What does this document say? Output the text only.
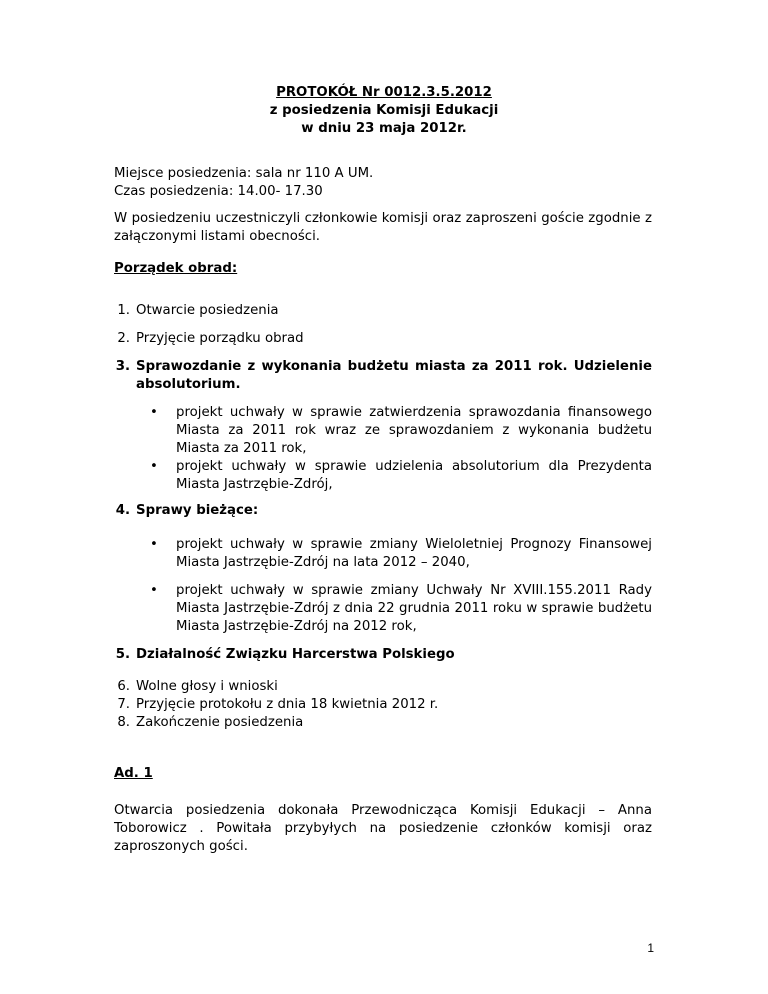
PROTOKÓŁ Nr 0012.3.5.2012
z posiedzenia Komisji Edukacji
w dniu 23 maja 2012r.
Miejsce posiedzenia: sala nr 110 A UM.
Czas posiedzenia: 14.00- 17.30
W posiedzeniu uczestniczyli członkowie komisji oraz zaproszeni goście zgodnie z załączonymi listami obecności.
Porządek obrad:
1. Otwarcie posiedzenia
2. Przyjęcie porządku obrad
3. Sprawozdanie z wykonania budżetu miasta za 2011 rok. Udzielenie absolutorium.
• projekt uchwały w sprawie zatwierdzenia sprawozdania finansowego Miasta za 2011 rok wraz ze sprawozdaniem z wykonania budżetu Miasta za 2011 rok,
• projekt uchwały w sprawie udzielenia absolutorium dla Prezydenta Miasta Jastrzębie-Zdrój,
4. Sprawy bieżące:
• projekt uchwały w sprawie zmiany Wieloletniej Prognozy Finansowej Miasta Jastrzębie-Zdrój na lata 2012 – 2040,
• projekt uchwały w sprawie zmiany Uchwały Nr XVIII.155.2011 Rady Miasta Jastrzębie-Zdrój z dnia 22 grudnia 2011 roku w sprawie budżetu Miasta Jastrzębie-Zdrój na 2012 rok,
5. Działalność Związku Harcerstwa Polskiego
6. Wolne głosy i wnioski
7. Przyjęcie protokołu z dnia 18 kwietnia 2012 r.
8. Zakończenie posiedzenia
Ad. 1
Otwarcia posiedzenia dokonała Przewodnicząca Komisji Edukacji – Anna Toborowicz . Powitała przybyłych na posiedzenie członków komisji oraz zaproszonych gości.
1
